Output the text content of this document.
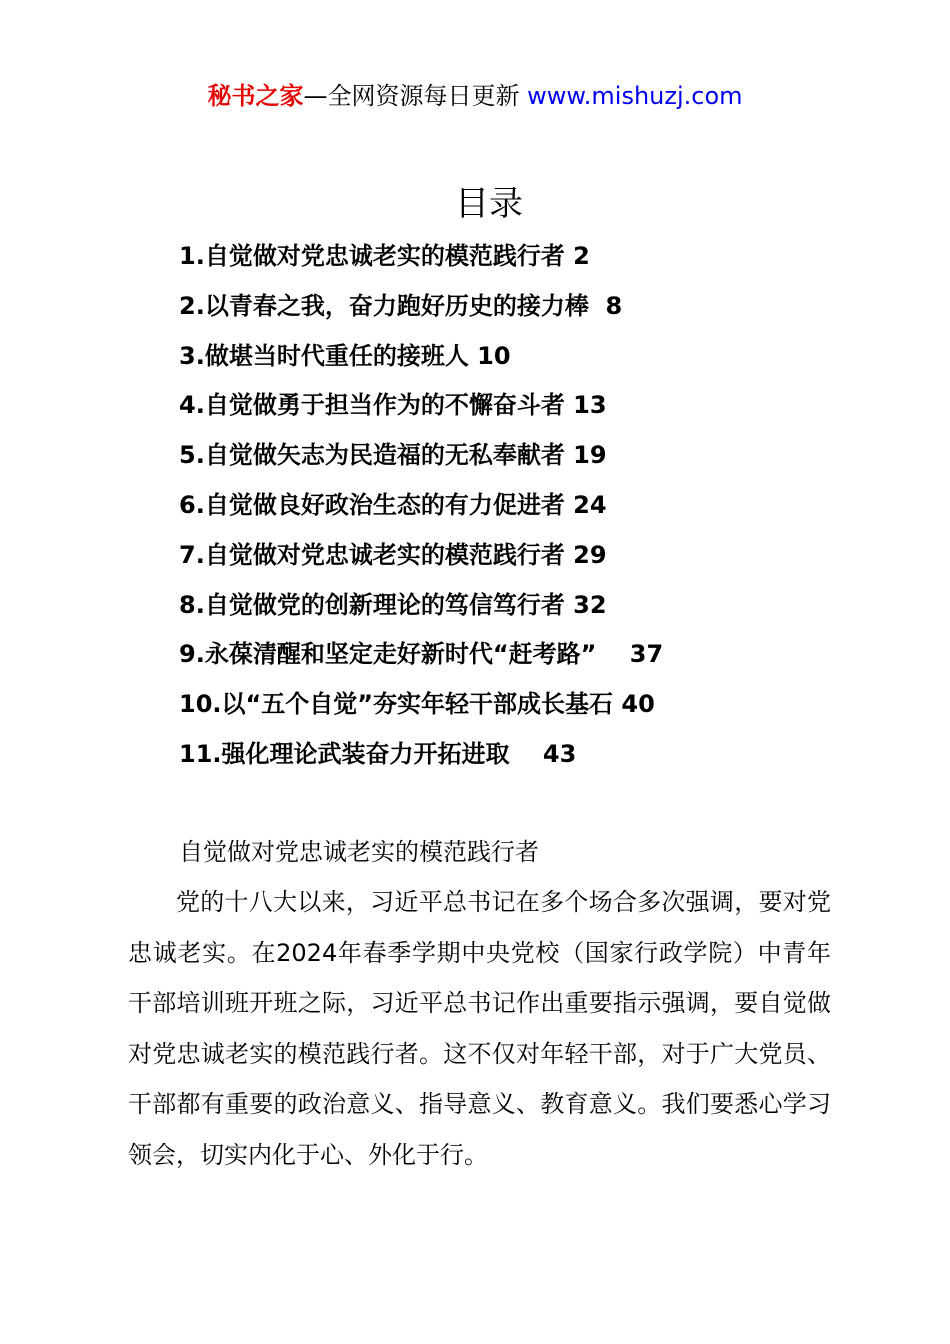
秘书之家—全网资源每日更新 www.mishuzj.com
目录
1.自觉做对党忠诚老实的模范践行者 2
2.以青春之我，奋力跑好历史的接力棒  8
3.做堪当时代重任的接班人 10
4.自觉做勇于担当作为的不懈奋斗者 13
5.自觉做矢志为民造福的无私奉献者 19
6.自觉做良好政治生态的有力促进者 24
7.自觉做对党忠诚老实的模范践行者 29
8.自觉做党的创新理论的笃信笃行者 32
9.永葆清醒和坚定走好新时代“赶考路”    37
10.以“五个自觉”夯实年轻干部成长基石 40
11.强化理论武装奋力开拓进取    43
自觉做对党忠诚老实的模范践行者

党的十八大以来，习近平总书记在多个场合多次强调，要对党忠诚老实。在2024年春季学期中央党校（国家行政学院）中青年干部培训班开班之际，习近平总书记作出重要指示强调，要自觉做对党忠诚老实的模范践行者。这不仅对年轻干部，对于广大党员、干部都有重要的政治意义、指导意义、教育意义。我们要悉心学习领会，切实内化于心、外化于行。
